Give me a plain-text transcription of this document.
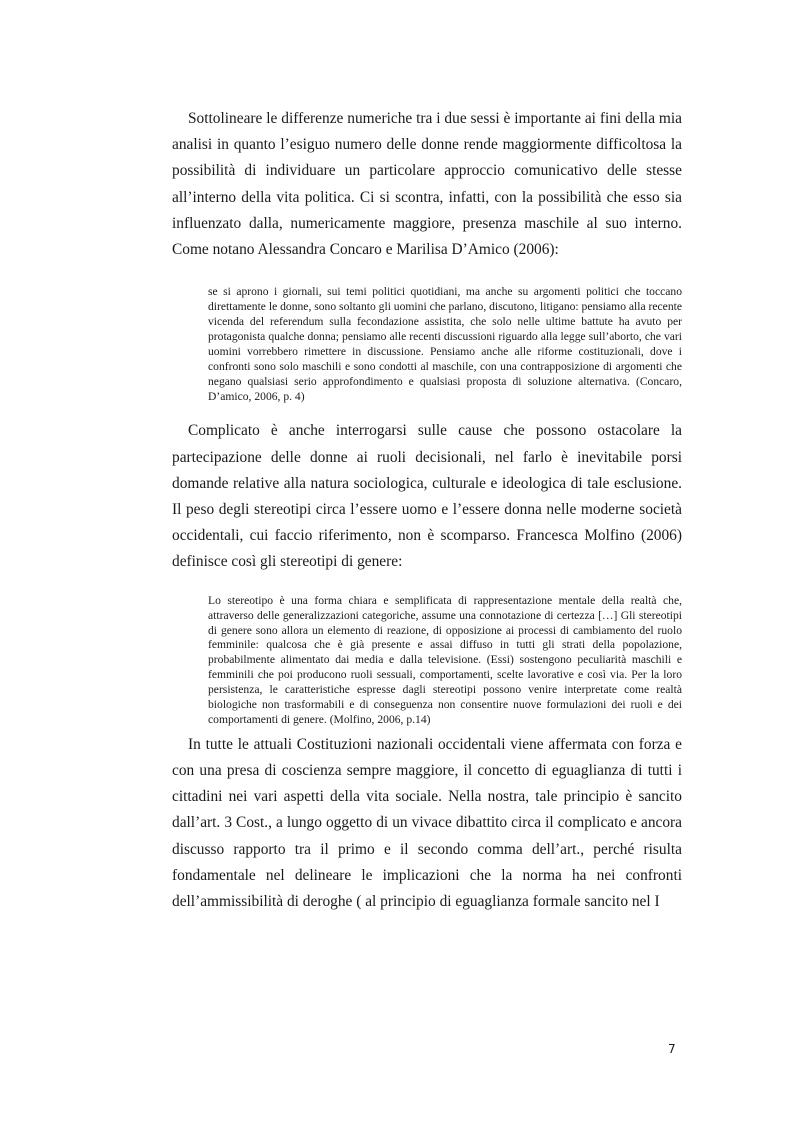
Sottolineare le differenze numeriche tra i due sessi è importante ai fini della mia analisi in quanto l’esiguo numero delle donne rende maggiormente difficoltosa la possibilità di individuare un particolare approccio comunicativo delle stesse all’interno della vita politica. Ci si scontra, infatti, con la possibilità che esso sia influenzato dalla, numericamente maggiore, presenza maschile al suo interno. Come notano Alessandra Concaro e Marilisa D’Amico (2006):

se si aprono i giornali, sui temi politici quotidiani, ma anche su argomenti politici che toccano direttamente le donne, sono soltanto gli uomini che parlano, discutono, litigano: pensiamo alla recente vicenda del referendum sulla fecondazione assistita, che solo nelle ultime battute ha avuto per protagonista qualche donna; pensiamo alle recenti discussioni riguardo alla legge sull’aborto, che vari uomini vorrebbero rimettere in discussione. Pensiamo anche alle riforme costituzionali, dove i confronti sono solo maschili e sono condotti al maschile, con una contrapposizione di argomenti che negano qualsiasi serio approfondimento e qualsiasi proposta di soluzione alternativa. (Concaro, D’amico, 2006, p. 4)

Complicato è anche interrogarsi sulle cause che possono ostacolare la partecipazione delle donne ai ruoli decisionali, nel farlo è inevitabile porsi domande relative alla natura sociologica, culturale e ideologica di tale esclusione. Il peso degli stereotipi circa l’essere uomo e l’essere donna nelle moderne società occidentali, cui faccio riferimento, non è scomparso. Francesca Molfino (2006) definisce così gli stereotipi di genere:

Lo stereotipo è una forma chiara e semplificata di rappresentazione mentale della realtà che, attraverso delle generalizzazioni categoriche, assume una connotazione di certezza […] Gli stereotipi di genere sono allora un elemento di reazione, di opposizione ai processi di cambiamento del ruolo femminile: qualcosa che è già presente e assai diffuso in tutti gli strati della popolazione, probabilmente alimentato dai media e dalla televisione. (Essi) sostengono peculiarità maschili e femminili che poi producono ruoli sessuali, comportamenti, scelte lavorative e così via. Per la loro persistenza, le caratteristiche espresse dagli stereotipi possono venire interpretate come realtà biologiche non trasformabili e di conseguenza non consentire nuove formulazioni dei ruoli e dei comportamenti di genere. (Molfino, 2006, p.14)

In tutte le attuali Costituzioni nazionali occidentali viene affermata con forza e con una presa di coscienza sempre maggiore, il concetto di eguaglianza di tutti i cittadini nei vari aspetti della vita sociale. Nella nostra, tale principio è sancito dall’art. 3 Cost., a lungo oggetto di un vivace dibattito circa il complicato e ancora discusso rapporto tra il primo e il secondo comma dell’art., perché risulta fondamentale nel delineare le implicazioni che la norma ha nei confronti dell’ammissibilità di deroghe ( al principio di eguaglianza formale sancito nel I

7
